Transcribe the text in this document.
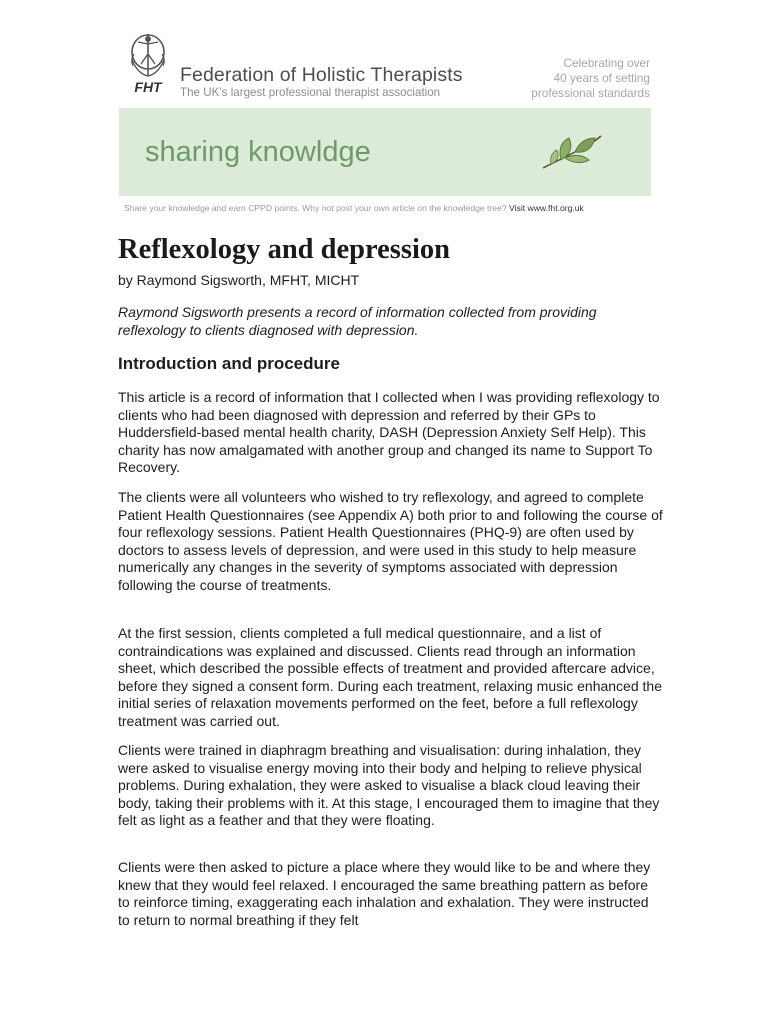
FHT
Federation of Holistic Therapists
The UK’s largest professional therapist association
Celebrating over
40 years of setting
professional standards
sharing knowldge
Share your knowledge and earn CPPD points. Why not post your own article on the knowledge tree? Visit www.fht.org.uk
Reflexology and depression
by Raymond Sigsworth, MFHT, MICHT
Raymond Sigsworth presents a record of information collected from providing reflexology to clients diagnosed with depression.
Introduction and procedure

This article is a record of information that I collected when I was providing reflexology to clients who had been diagnosed with depression and referred by their GPs to Huddersfield-based mental health charity, DASH (Depression Anxiety Self Help). This charity has now amalgamated with another group and changed its name to Support To Recovery.

The clients were all volunteers who wished to try reflexology, and agreed to complete Patient Health Questionnaires (see Appendix A) both prior to and following the course of four reflexology sessions. Patient Health Questionnaires (PHQ-9) are often used by doctors to assess levels of depression, and were used in this study to help measure numerically any changes in the severity of symptoms associated with depression following the course of treatments.

At the first session, clients completed a full medical questionnaire, and a list of contraindications was explained and discussed. Clients read through an information sheet, which described the possible effects of treatment and provided aftercare advice, before they signed a consent form. During each treatment, relaxing music enhanced the initial series of relaxation movements performed on the feet, before a full reflexology treatment was carried out.

Clients were trained in diaphragm breathing and visualisation: during inhalation, they were asked to visualise energy moving into their body and helping to relieve physical problems. During exhalation, they were asked to visualise a black cloud leaving their body, taking their problems with it. At this stage, I encouraged them to imagine that they felt as light as a feather and that they were floating.

Clients were then asked to picture a place where they would like to be and where they knew that they would feel relaxed. I encouraged the same breathing pattern as before to reinforce timing, exaggerating each inhalation and exhalation. They were instructed to return to normal breathing if they felt
